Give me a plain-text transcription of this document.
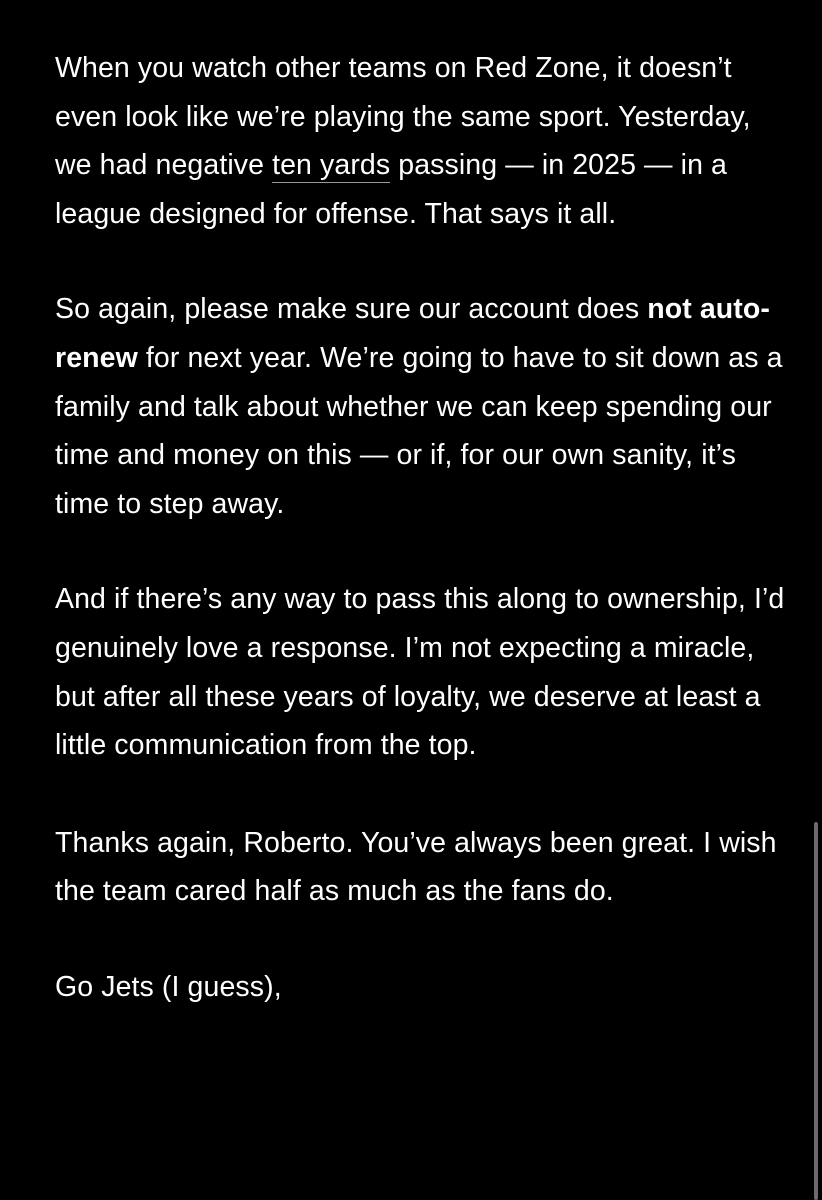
When you watch other teams on Red Zone, it doesn’t even look like we’re playing the same sport. Yesterday, we had negative ten yards passing — in 2025 — in a league designed for offense. That says it all.

So again, please make sure our account does not auto-renew for next year. We’re going to have to sit down as a family and talk about whether we can keep spending our time and money on this — or if, for our own sanity, it’s time to step away.

And if there’s any way to pass this along to ownership, I’d genuinely love a response. I’m not expecting a miracle, but after all these years of loyalty, we deserve at least a little communication from the top.

Thanks again, Roberto. You’ve always been great. I wish the team cared half as much as the fans do.

Go Jets (I guess),
